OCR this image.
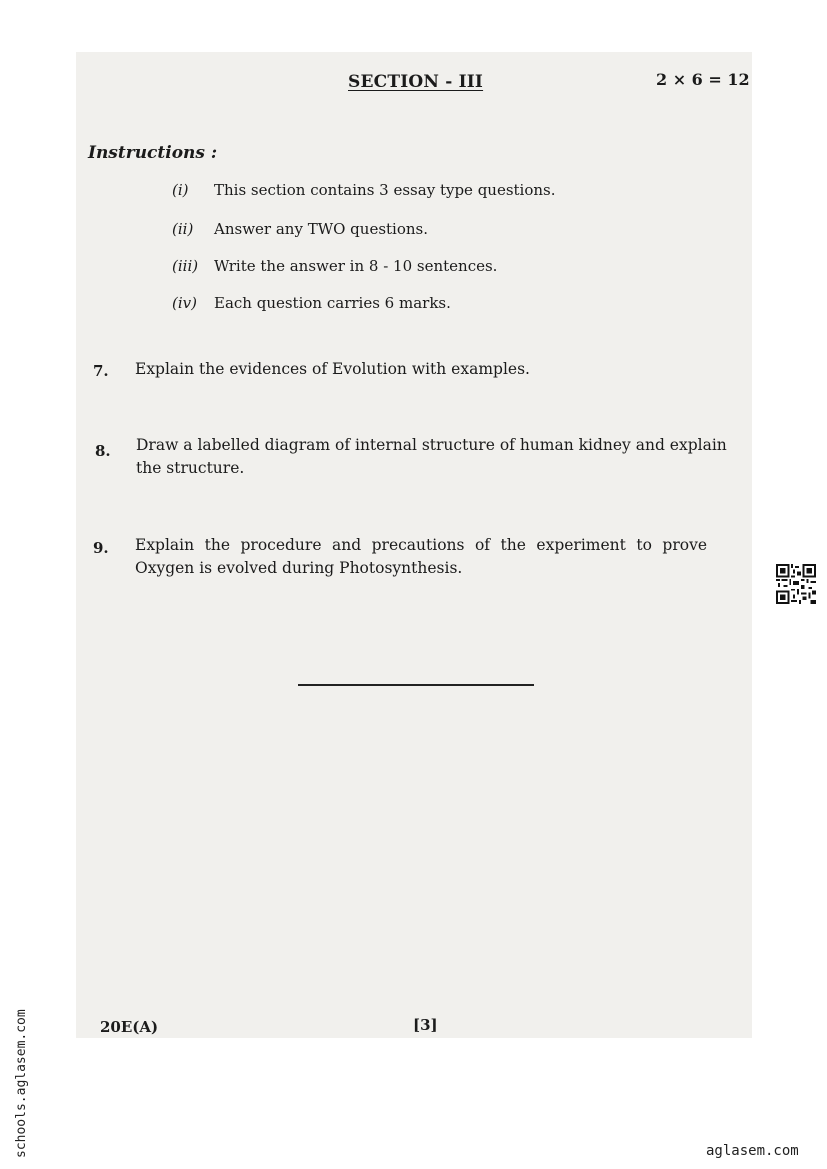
SECTION - III	2 × 6 = 12
Instructions :
(i) This section contains 3 essay type questions.
(ii) Answer any TWO questions.
(iii) Write the answer in 8 - 10 sentences.
(iv) Each question carries 6 marks.
7. Explain the evidences of Evolution with examples.
8. Draw a labelled diagram of internal structure of human kidney and explain the structure.
9. Explain the procedure and precautions of the experiment to prove Oxygen is evolved during Photosynthesis.
20E(A)	[3]
schools.aglasem.com	aglasem.com
